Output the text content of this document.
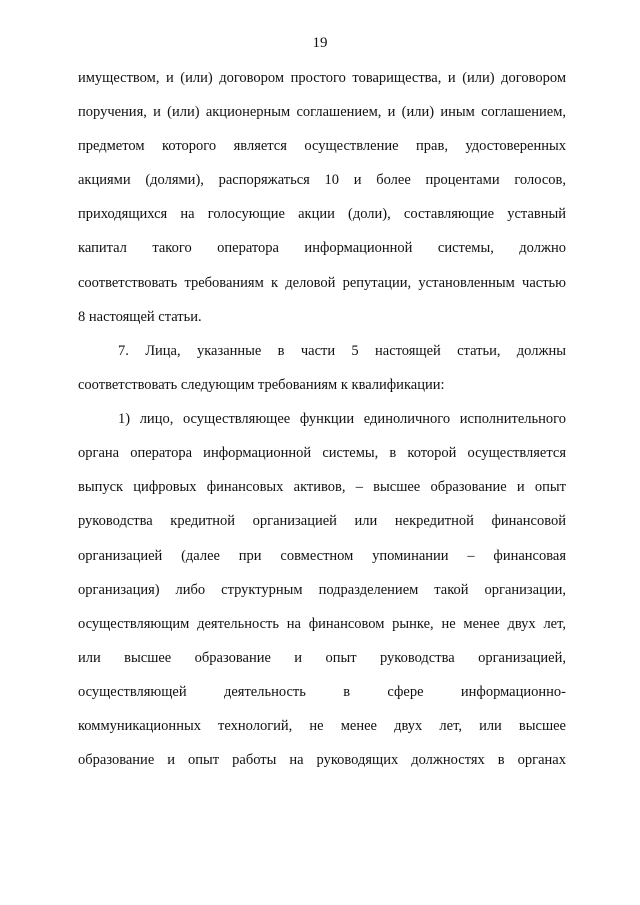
19
имуществом, и (или) договором простого товарищества, и (или) договором
поручения, и (или) акционерным соглашением, и (или) иным соглашением,
предметом которого является осуществление прав, удостоверенных
акциями (долями), распоряжаться 10 и более процентами голосов,
приходящихся на голосующие акции (доли), составляющие уставный
капитал такого оператора информационной системы, должно
соответствовать требованиям к деловой репутации, установленным частью
8 настоящей статьи.
7. Лица, указанные в части 5 настоящей статьи, должны
соответствовать следующим требованиям к квалификации:
1) лицо, осуществляющее функции единоличного исполнительного
органа оператора информационной системы, в которой осуществляется
выпуск цифровых финансовых активов, – высшее образование и опыт
руководства кредитной организацией или некредитной финансовой
организацией (далее при совместном упоминании – финансовая
организация) либо структурным подразделением такой организации,
осуществляющим деятельность на финансовом рынке, не менее двух лет,
или высшее образование и опыт руководства организацией,
осуществляющей деятельность в сфере информационно-
коммуникационных технологий, не менее двух лет, или высшее
образование и опыт работы на руководящих должностях в органах
